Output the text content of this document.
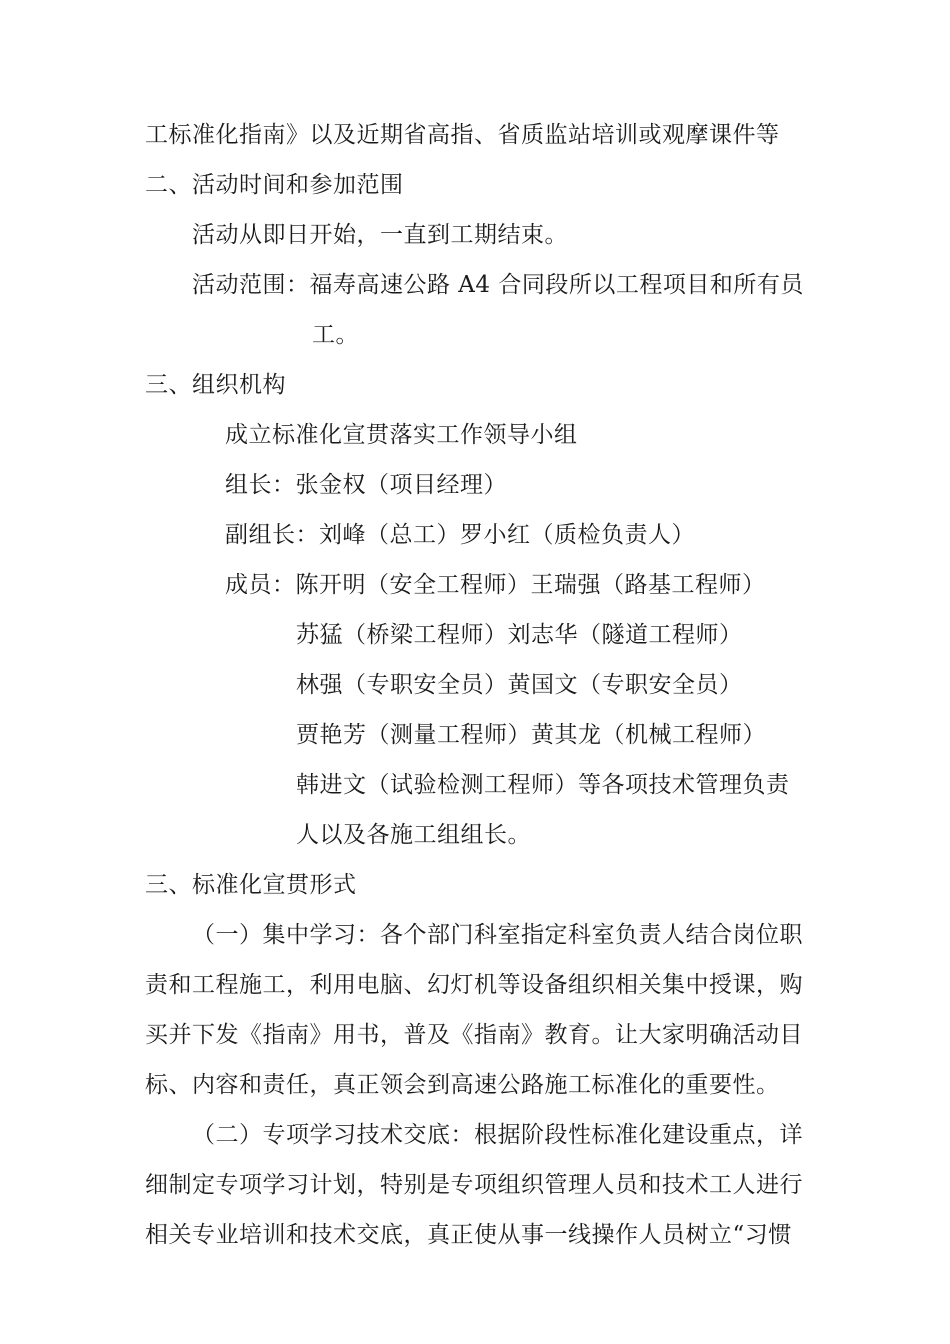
工标准化指南》以及近期省高指、省质监站培训或观摩课件等
二、活动时间和参加范围
活动从即日开始，一直到工期结束。
活动范围：福寿高速公路 A4 合同段所以工程项目和所有员
工。
三、组织机构
成立标准化宣贯落实工作领导小组
组长：张金权（项目经理）
副组长：刘峰（总工）罗小红（质检负责人）
成员：陈开明（安全工程师）王瑞强（路基工程师）
苏猛（桥梁工程师）刘志华（隧道工程师）
林强（专职安全员）黄国文（专职安全员）
贾艳芳（测量工程师）黄其龙（机械工程师）
韩进文（试验检测工程师）等各项技术管理负责
人以及各施工组组长。
三、标准化宣贯形式
（一）集中学习：各个部门科室指定科室负责人结合岗位职
责和工程施工，利用电脑、幻灯机等设备组织相关集中授课，购
买并下发《指南》用书，普及《指南》教育。让大家明确活动目
标、内容和责任，真正领会到高速公路施工标准化的重要性。
（二）专项学习技术交底：根据阶段性标准化建设重点，详
细制定专项学习计划，特别是专项组织管理人员和技术工人进行
相关专业培训和技术交底，真正使从事一线操作人员树立“习惯
